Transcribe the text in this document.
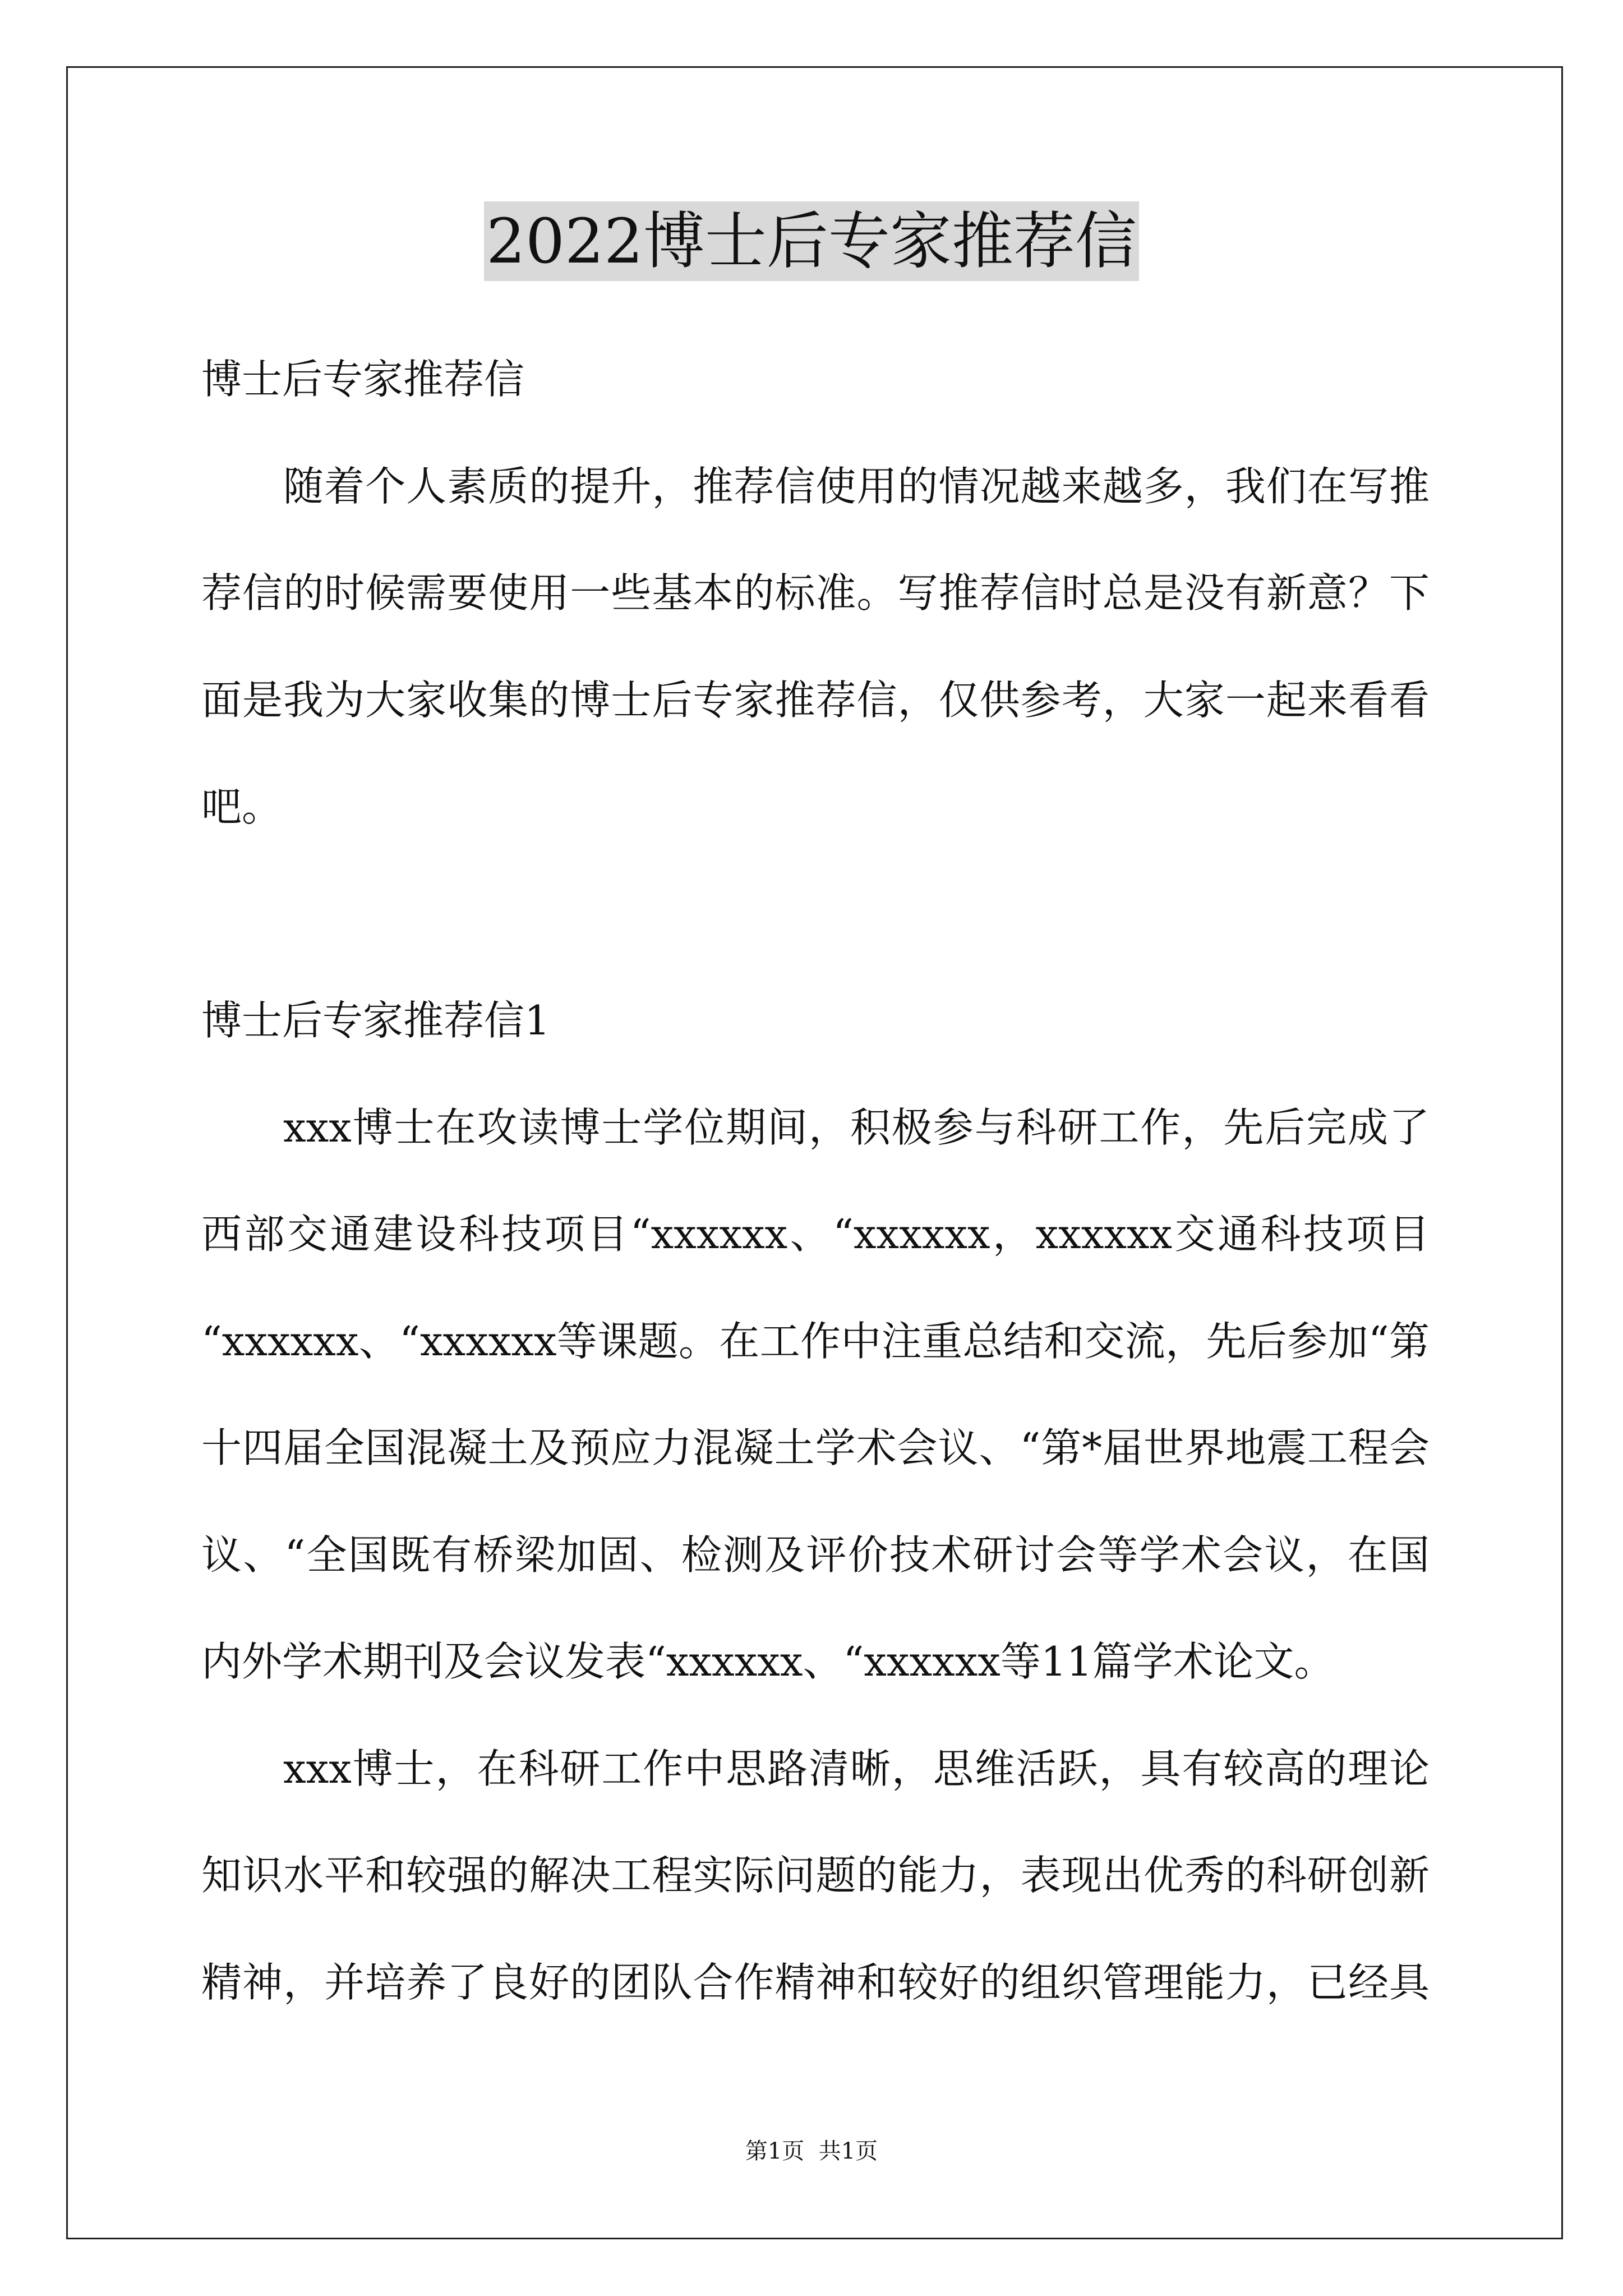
2022博士后专家推荐信
博士后专家推荐信
随着个人素质的提升，推荐信使用的情况越来越多，我们在写推
荐信的时候需要使用一些基本的标准。写推荐信时总是没有新意？下
面是我为大家收集的博士后专家推荐信，仅供参考，大家一起来看看
吧。
博士后专家推荐信1
xxx博士在攻读博士学位期间，积极参与科研工作，先后完成了
西部交通建设科技项目“xxxxxx、“xxxxxx，xxxxxx交通科技项目
“xxxxxx、“xxxxxx等课题。在工作中注重总结和交流，先后参加“第
十四届全国混凝土及预应力混凝土学术会议、“第*届世界地震工程会
议、“全国既有桥梁加固、检测及评价技术研讨会等学术会议，在国
内外学术期刊及会议发表“xxxxxx、“xxxxxx等11篇学术论文。
xxx博士，在科研工作中思路清晰，思维活跃，具有较高的理论
知识水平和较强的解决工程实际问题的能力，表现出优秀的科研创新
精神，并培养了良好的团队合作精神和较好的组织管理能力，已经具
第1页  共1页
